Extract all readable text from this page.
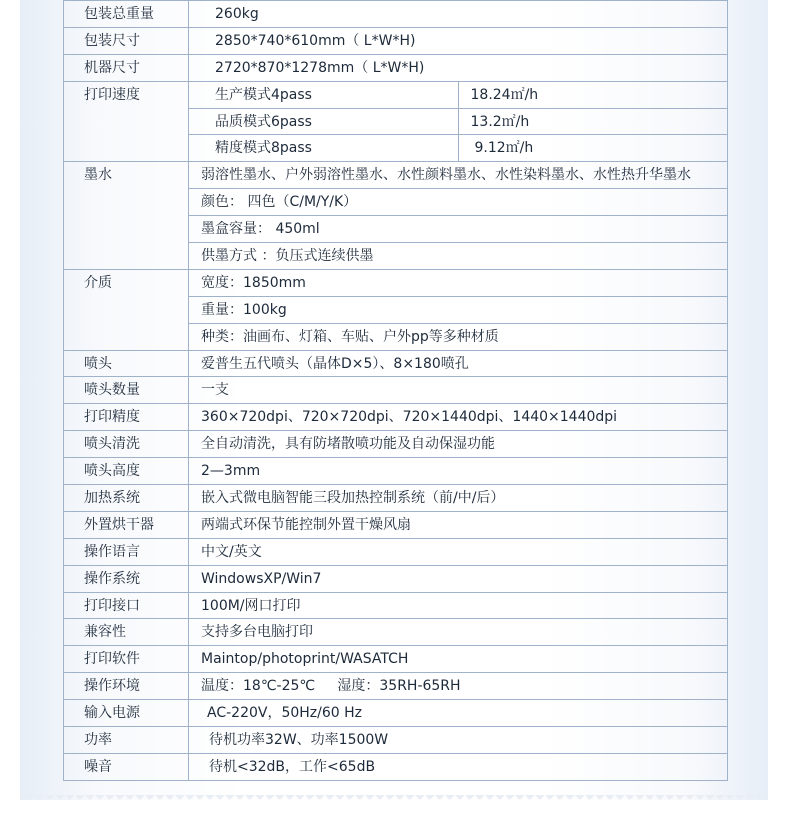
包装总重量	260kg	
包装尺寸	2850*740*610mm（ L*W*H)	
机器尺寸	2720*870*1278mm（ L*W*H)	
打印速度	生产模式4pass	18.24㎡/h
	品质模式6pass	13.2㎡/h
	精度模式8pass	9.12㎡/h
墨水	弱溶性墨水、户外弱溶性墨水、水性颜料墨水、水性染料墨水、水性热升华墨水	
	颜色： 四色（C/M/Y/K）	
	墨盒容量： 450ml	
	供墨方式 ：负压式连续供墨	
介质	宽度：1850mm	
	重量：100kg	
	种类：油画布、灯箱、车贴、户外pp等多种材质	
喷头	爱普生五代喷头（晶体D×5）、8×180喷孔	
喷头数量	一支	
打印精度	360×720dpi、720×720dpi、720×1440dpi、1440×1440dpi	
喷头清洗	全自动清洗，具有防堵散喷功能及自动保湿功能	
喷头高度	2—3mm	
加热系统	嵌入式微电脑智能三段加热控制系统（前/中/后）	
外置烘干器	两端式环保节能控制外置干燥风扇	
操作语言	中文/英文	
操作系统	WindowsXP/Win7	
打印接口	100M/网口打印	
兼容性	支持多台电脑打印	
打印软件	Maintop/photoprint/WASATCH	
操作环境	温度：18℃-25℃     湿度：35RH-65RH	
输入电源	AC-220V，50Hz/60 Hz	
功率	待机功率32W、功率1500W	
噪音	待机<32dB，工作<65dB	
